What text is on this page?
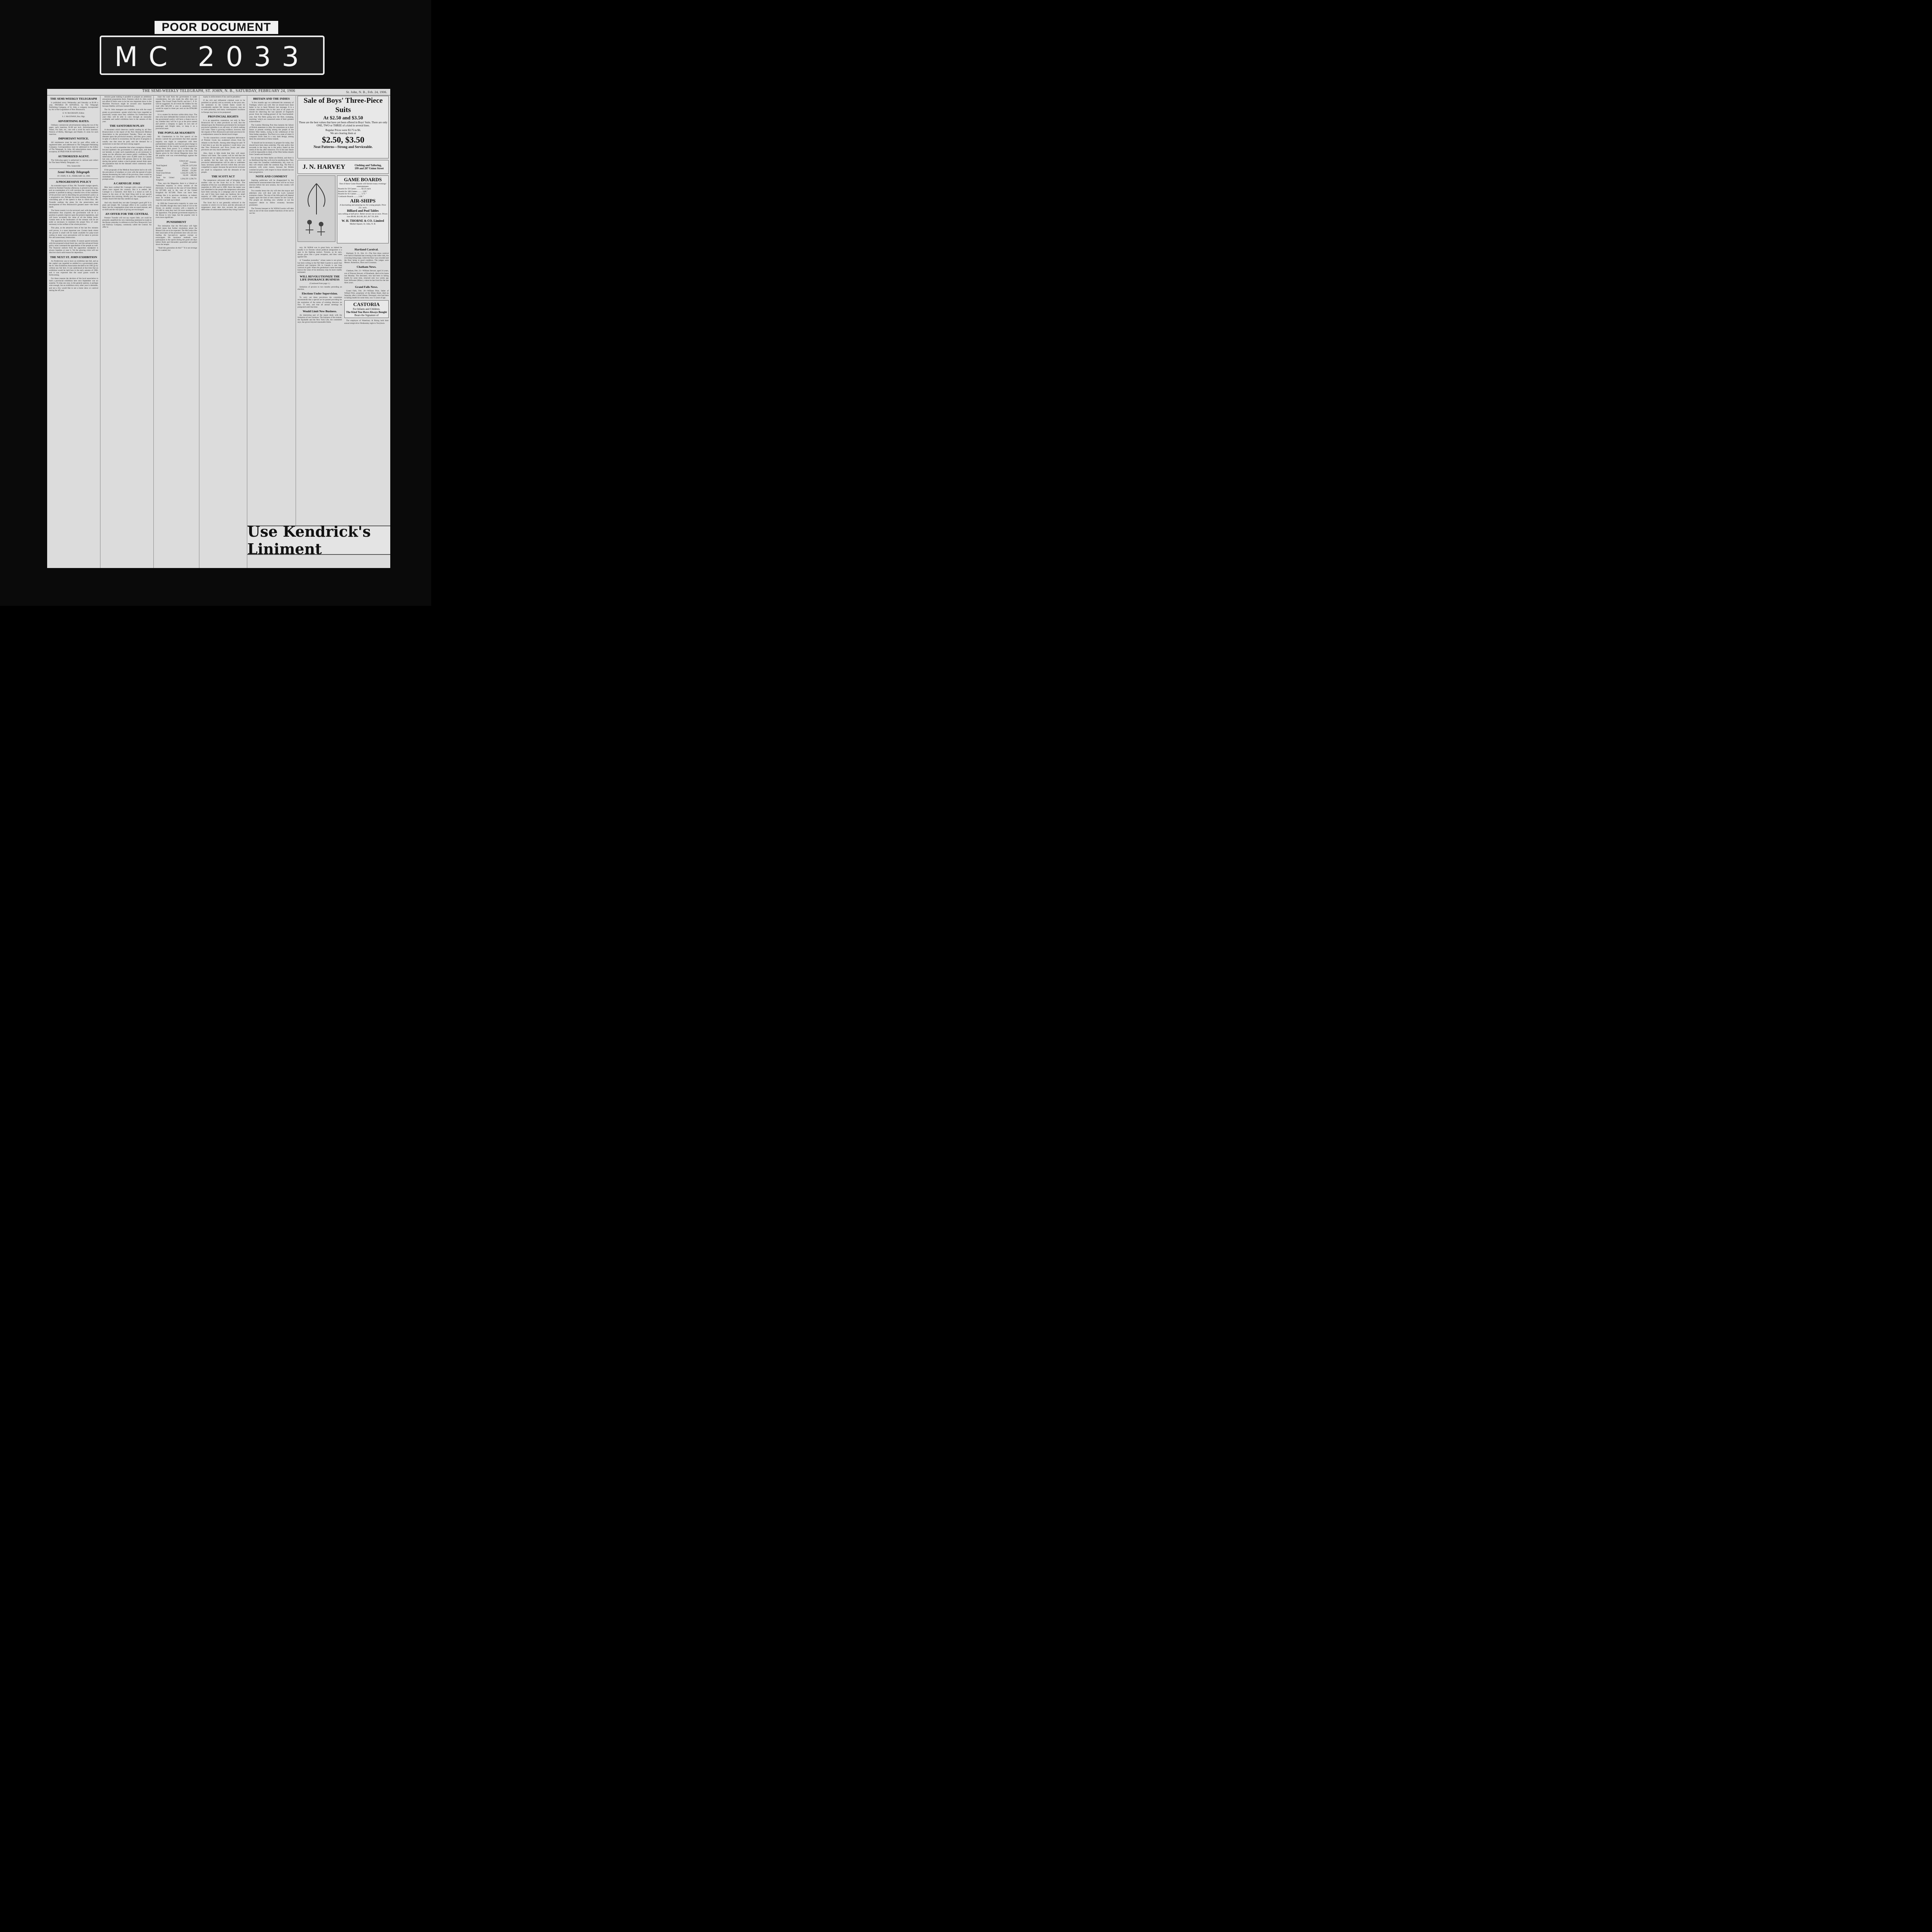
POOR DOCUMENT
MC 2033
THE SEMI-WEEKLY TELEGRAPH, ST. JOHN, N. B., SATURDAY, FEBRUARY 24, 1906	St. John, N. B., Feb. 24, 1906.
THE SEMI-WEEKLY TELEGRAPH

is published every Wednesday and Saturday at $1.00 a year, PAYABLE IN ADVANCE, by The Telegraph Publishing Company, of St. John, a company incorporated by Act of the Legislature of New Brunswick.

E. W. McCREADY, Editor.

S. J. McGOWAN, Bus. Mgr.

ADVERTISING RATES.

Ordinary commercial advertisements taking the run of the paper, each insertion, $1.00 per inch. Advertisements of Wants, For Sale, etc., one cent a word for each insertion. Notices of Births, Marriages and Deaths 25 cents for each insertion.

IMPORTANT NOTICE.

All remittances must be sent by post office order or registered letter, and addressed to The Telegraph Publishing Company. Correspondence must be addressed to the Editor of The Telegraph, St. John. All subscriptions must, without exception, be PAID FOR IN ADVANCE.

AUTHORIZED AGENT.

The following agent is authorized to canvass and collect for The Semi-Weekly Telegraph, viz.:

Wm. Somerville

Semi-Weekly Telegraph

ST. JOHN, N. B., FEBRUARY 24, 1906

A PROGRESSIVE POLICY

An extended report of Hon. Mr. Tweedie's budget speech, which he finished Tuesday afternoon, is printed in this issue, and an examination of it will convince the country that the premier is justified in taking a cheerful view of the condition of the province and in describing his government's policy as a progressive one. Perhaps the most striking feature of the concluding part of the speech is that in which Hon. Mr. Tweedie outlines the plans for the preservation and development of New Brunswick's greatest asset—the forest lands.

The forest country is to be surveyed, and, with the detailed information thus acquired, the government will be in a position to greatly improve upon the present regulations, and will know accurately the value of all the timber lands. Certain trees at the headwaters of the streams will be set aside as necessary to maintain the proper flow of water necessary to the welfare of the whole province.

This plan, as the attractive item of the last few minutes well proves, is a most important one. Certain lands where the growth is small will be made available for pulp-wood cutting in many ways precautions will be taken to prevent fire and unnecessary destruction.

The opposition has its troubles. It cannot quarrel seriously with the proposed school-book law, and this advanced forest policy must command the approbation of the people as well. The financial outlook from the opposition standpoint is always hopeless or near it. Yet the glowing crisis will not discover much solid reason for depression.

THE NEXT ST. JOHN EXHIBITION

As Fredericton was to have an exhibition last fall, and as the capital was regarded as entitled to a government grant, the St. John Exhibition Association decided to let 1905 go by without any fair here. It was understood at that time that an exhibition would be held here in the early autumn of 1906, and it was expected that the usual grants would be forthcoming.

For these reasons the decision of the local association to hold a provincial exhibition here next September was no surprise. To skip one year, in the general opinion, is perhaps wise enough, but an exhibition every other year is desirable, and not a few would like to see a horse show or carnival during the off year.

mission grant making it possible to prepare an ambitious amusement programme there. Features which St. John could not afford if there were to be but one important show in the Maritime Provinces might be secured next September because Halifax will have booked them.

The St. John managers are confident that with the usual grants as government—grants which they have regarded as practically certain since they withdrew for Fredericton last year—they will be able to carry through an unusually creditable and useful exhibition here in the autumn of this year.

THE SANITORIUM PLAN

A document which deserves careful reading by all New Brunswickers is the report of the New Brunswick Medical Association to the government Tuesday. There are many diseases upon the provincial treasury, and they grow yearly in spite of a desire to economize, but the price of progress is usually one that must be paid, and the demand for a sanitorium is one that will have strong support.

It may be well to remember that when contagious diseases become epidemic the government is called upon, and does not hesitate, to make such expenditures as are necessary to stamp out the affection and restore public confidence. But tuberculosis, of which there were 45,000 cases in Canada last year, and of which 500 persons died in St. John alone during that period, makes a much greater annual drain upon the population than do the diseases which commonly cause public alarm.

If the proposals of the Medical Association had to do with the prevalence of smallpox or even with the spread of some disease threatening the cattle of the province, there would be immediate and widespread recognition of the necessity of prompt action.

A CARNEGIE JOKE

Men have credited Mr. Carnegie with a sense of humor; others have argued the contrary. But it is settled. Mr. Carnegie is a humorist. And there is a moral as well as humor in the story of the Steel King told in our special despatches this morning. Briefly put, the congregation of a certain church felt that they needed an organ.

And why should they not take Carnegie's good gift? It is plain and simple. Mr. Carnegie offers to be a partner with them; but the congregation must raise an equal amount, and so thrift and the real spirit of giving are encouraged.

AN OFFER FOR THE CENTRAL

Premier Tweedie will not say expect little, yet could be presently amplified the very interesting statement he made in the House yesterday in reference to the New Brunswick Coal and Railway Company, commonly called the Central. An offer to

lease the road from the government is under consideration, but who made the offer does not appear. The Grand Trunk Pacific and the C. P. R. will be suggested. At all events the bidders for the road offer $25,000 a year in perpetuity, which would be equal to three per cent on the $700,000 expended.

It is a matter for decision within thirty days. The men who have defended the Central on the lines of the government's policy will have a chance now to say whether they will let it go at the price named and permit a company to apply its own rate of passenger and freight rates, or keep it as a provincial asset.

THE POPULAR MAJORITY

Mr. Chamberlain in his first speech of the session warned the government that their popular majority was slight in comparison with their parliamentary majority, and that no great change in the sentiment of the country would be required to sweep them from power. It is evident that the opposition leader did not speak by the book. The figures given by the Liberal Magazine show that the popular vote was overwhelmingly against the Unionists.

	Liberal and Labor.	Unionist.
Total England	2,396,530	2,073,918
Wales	173,214	96,912
Scotland	366,605	253,901
Total Great Britain	3,344,259	2,496,731
Ireland	50,100	100,000
Total for United Kingdom	3,394,359	2,596,731

Thus, says the Magazine, there is a Liberal or Nationalist majority in every section of the electorate. It accounts on the case of Great Britain for 827,000, and in the case of the United Kingdom for 827,000. There can have been nothing like it in previous elections, as indeed, must be evident when we consider how the majority was built up in detail.

In 1900 the Conservative majority in votes was only 194,000, though they had a lead of 133 in the House; on another occasion with a majority of 122,000 in votes they had 134 more members than the opposition. The present government majority in the House is very large, but the popular vote is even more significant.

PUNISHMENT

The intimation that the McCurdys will fight should mean that further revelations about the Mutual Life are to be expected. The McCurdys like their associates of the prominent men who are now leading the hue-and-cry against corrupt or extravagant life insurance methods were participants in the spoils during the good old days before Hyde and Alexander quarrelled and pulled down the temple.

"Shall this generation do this?" "It is not revenge that is wanted, but

equity in enforcement of law and its penalties."

If the rich and influential criminal were to be punished as quickly and as severely as the poor one, the sentiment in the United States would be considerably startled. Mr. Jerome, however, may set to work presently, and many contemplated vacations in Europe may have to be postponed.

PROVINCIAL RIGHTS

It is an opposition contention, not only in New Brunswick but in other provinces as well, that the demand upon the Dominion government for increased provincial subsidies is an old story of which nothing will come. There is growing evidence, however, that the request of New Brunswick and sister provinces for a readjustment cannot be denied much longer.

"In this connection a recent outspoken deliverance of Premier Gouin has awakened echoes from the Atlantic to the Pacific. Among other things he said: 'If I had time to go into the question I could show you that New Brunswick and Nova Scotia and other provinces are very much interested.'"

Also, there is little doubt that they will stand, Ottawa will listen. The country will be told that the provinces are not asking for money from one pocket to another, but the men who have to carry on provincial administrations will be able to undertake many necessary public services which they are now compelled to neglect because the provincial revenues are small in comparison with the demands of the people.

THE SCOTT ACT

The temperance advocates talk of bringing about another vote on the Scott Act in St. John. The adoption of this law was defeated here by very narrow majorities in 1892 and in 1898. Since the matter was last submitted to the people the temperance advocates have been carrying on a campaign year in and year out, and if they have made any headway the small majority of 1898 against the act would now be converted into a considerable majority in its favor.

The Scott Act is not generally enforced in the counties in which it is in force, and the advocates of temperance must take into account the practical difficulties of enforcement before they bring it about.

BRITAIN AND THE INDIES

"A few months ago we celebrated the centenary of Trafalgar, which was well. But we should have done better to lay to heart Nelson's last message. It is a sinister coincidence that in this year of all years we should be observing the last episode of England's power from the trading-ground of the four-hundred-year, that 'the fleets going now the fleet, sweeping, storming,' which are connected some of their greatest achievements."

The London Morning Post thus laments the failure of British statesmen to allay the uneasiness as to their future at present existing among the people of the British West Indies, owing to the withdrawal of the West Indian squadron. The Post is in a state of mind. It compares Uncle Sam in a very dark design, among them the annexation of these islands.

"It should not be necessary to prepare for today, that should have been done yesterday. The only policy that succeeds in the long run is the policy based on the needs of the day after tomorrow. For in the near future it will be impossible to think of the West Indian islands from Canada and Australia."

For all that the West Indies are British, and there is no likelihood that they will ever be anything else. They may enter the Canadian confederation, but, even so, they will remain under the common flag. The Post is annoyed, with some reason, because the British commercial policy with respect to those islands has not been progressive.

NOTE AND COMMENT

Aspiring politicians will be disappointed by the authoritative announcement that there will be no local election before the next session, but the country will take it calmly.

Two months hence the city will elect the mayor and aldermen who will deal with the Loch Lomond extension claims. The size of the bills paid will depend largely upon the kind of men chosen for the Council. The people are deciding now whether or not the taxpayers' desire to follow economy becomes prominent.

The Toronto banquet to Sir Wilfrid Laurier will take rank as one of the most notable functions of the sort in our his-

Sale of Boys' Three-Piece Suits
At $2.50 and $3.50
These are the best values that have yet been offered in Boys' Suits. There are only ONE, TWO or THREE of a kind in several lines.
Regular Prices were $3.75 to $6.
We are clearing them at
$2.50, $3.50
Neat Patterns—Strong and Serviceable.
J. N. HARVEY	Clothing and Tailoring,
199 and 207 Union Street
GAME BOARDS
One of these Game Boards will furnish many evenings' entertainment.
Boards for 50 Games ........ $2.25 each
Boards for 100 Games ........ 3.00 "
Boards for 65 Games ........ 3.75 "
Crokinole Boards ........ 2.00 "
AIR-SHIPS
A fascinating and amusing toy for young people. Price 25c. each.
Billiard and Pool Tables
now selling at half price. Better secure one at once. Prices now $9.00, $12.00, $15, $17.50, $30.
W. H. THORNE & CO. Limited
Market Square, St. John, N. B.

tory. Sir Wilfrid was in great form, as indeed he usually is in Toronto whose political antagonism is a spur to his fighting instinct. Toronto, as he says, always gives him a great reception, and then votes against him.

A "Canadian journalist," whose name is not given, has been writing to the Pall Mall Gazette to assert that political and business life in Canada is one long carnival of graft. When the gentleman's name becomes known the value of his testimony may be more readily estimated.

WILL REVOLUTIONIZE THE LIFE INSURANCE BUSINESS

(Continued from page 1.)

limitation of proxies to two months preceding an election.

Elections Under Supervision.

To carry out these provisions the committee recommends that a special act be passed providing for the expiration of the terms of existing directors on Nov. 15 next, and that all annual meetings be postponed until that time.

Would Limit New Business.

An interesting part of the report deals with the limitation of new business. The business of the mutual, the Equitable and the New York Life, the committee says, has grown beyond reasonable limits.

Hartland Carnival.

Hartland, N. B., Feb. 21—The first dress carnival ever held in Hartland last evening in the roller rink, the crowning being large, while the floor was crowded and the floor being in good condition. The judges were Messrs. Robertson, Horn and Crossman.

Chatham News.

Chatham, Feb. 21—William Stewart, aged 24 years, son of Duncan Stewart, of Rosebank, died at his home last Monday. The deceased, who had been in failing health for some time, returned only two weeks ago from Stillwater (Minn.), where he has lived for the last three years.

Grand Falls News.

Grand Falls, Feb. 20—William Pirie, father of Willard Pirie, proprietor of the Minto Hotel, died on Saturday after a brief illness. Deceased, who had been in failing health for some time, was 72 years of age.

CASTORIA
For Infants and Children.
The Kind You Have Always Bought
Bears the Signature of

The employes of Waterbury & Rising held their annual sleigh drive Wednesday night to Torryburn.

Use Kendrick's Liniment
